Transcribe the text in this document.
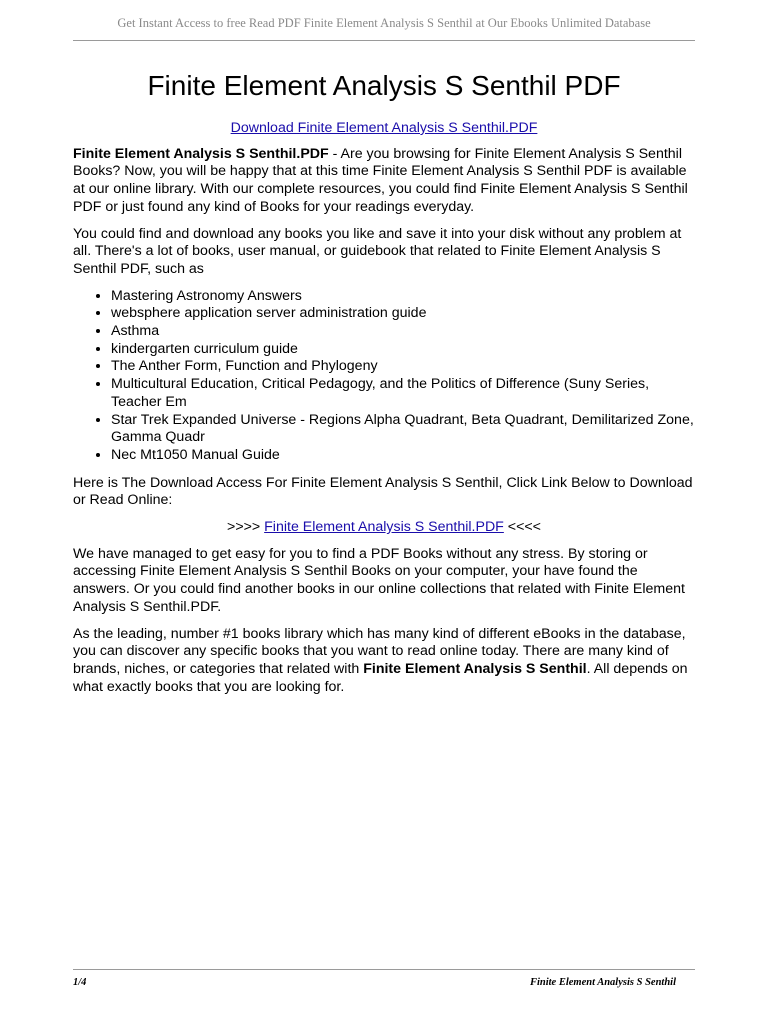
Get Instant Access to free Read PDF Finite Element Analysis S Senthil at Our Ebooks Unlimited Database
Finite Element Analysis S Senthil PDF
Download Finite Element Analysis S Senthil.PDF

Finite Element Analysis S Senthil.PDF - Are you browsing for Finite Element Analysis S Senthil Books? Now, you will be happy that at this time Finite Element Analysis S Senthil PDF is available at our online library. With our complete resources, you could find Finite Element Analysis S Senthil PDF or just found any kind of Books for your readings everyday.

You could find and download any books you like and save it into your disk without any problem at all. There's a lot of books, user manual, or guidebook that related to Finite Element Analysis S Senthil PDF, such as

• Mastering Astronomy Answers
• websphere application server administration guide
• Asthma
• kindergarten curriculum guide
• The Anther Form, Function and Phylogeny
• Multicultural Education, Critical Pedagogy, and the Politics of Difference (Suny Series, Teacher Em
• Star Trek Expanded Universe - Regions Alpha Quadrant, Beta Quadrant, Demilitarized Zone, Gamma Quadr
• Nec Mt1050 Manual Guide

Here is The Download Access For Finite Element Analysis S Senthil, Click Link Below to Download or Read Online:

>>>> Finite Element Analysis S Senthil.PDF <<<<

We have managed to get easy for you to find a PDF Books without any stress. By storing or accessing Finite Element Analysis S Senthil Books on your computer, your have found the answers. Or you could find another books in our online collections that related with Finite Element Analysis S Senthil.PDF.

As the leading, number #1 books library which has many kind of different eBooks in the database, you can discover any specific books that you want to read online today. There are many kind of brands, niches, or categories that related with Finite Element Analysis S Senthil. All depends on what exactly books that you are looking for.

1/4	Finite Element Analysis S Senthil
